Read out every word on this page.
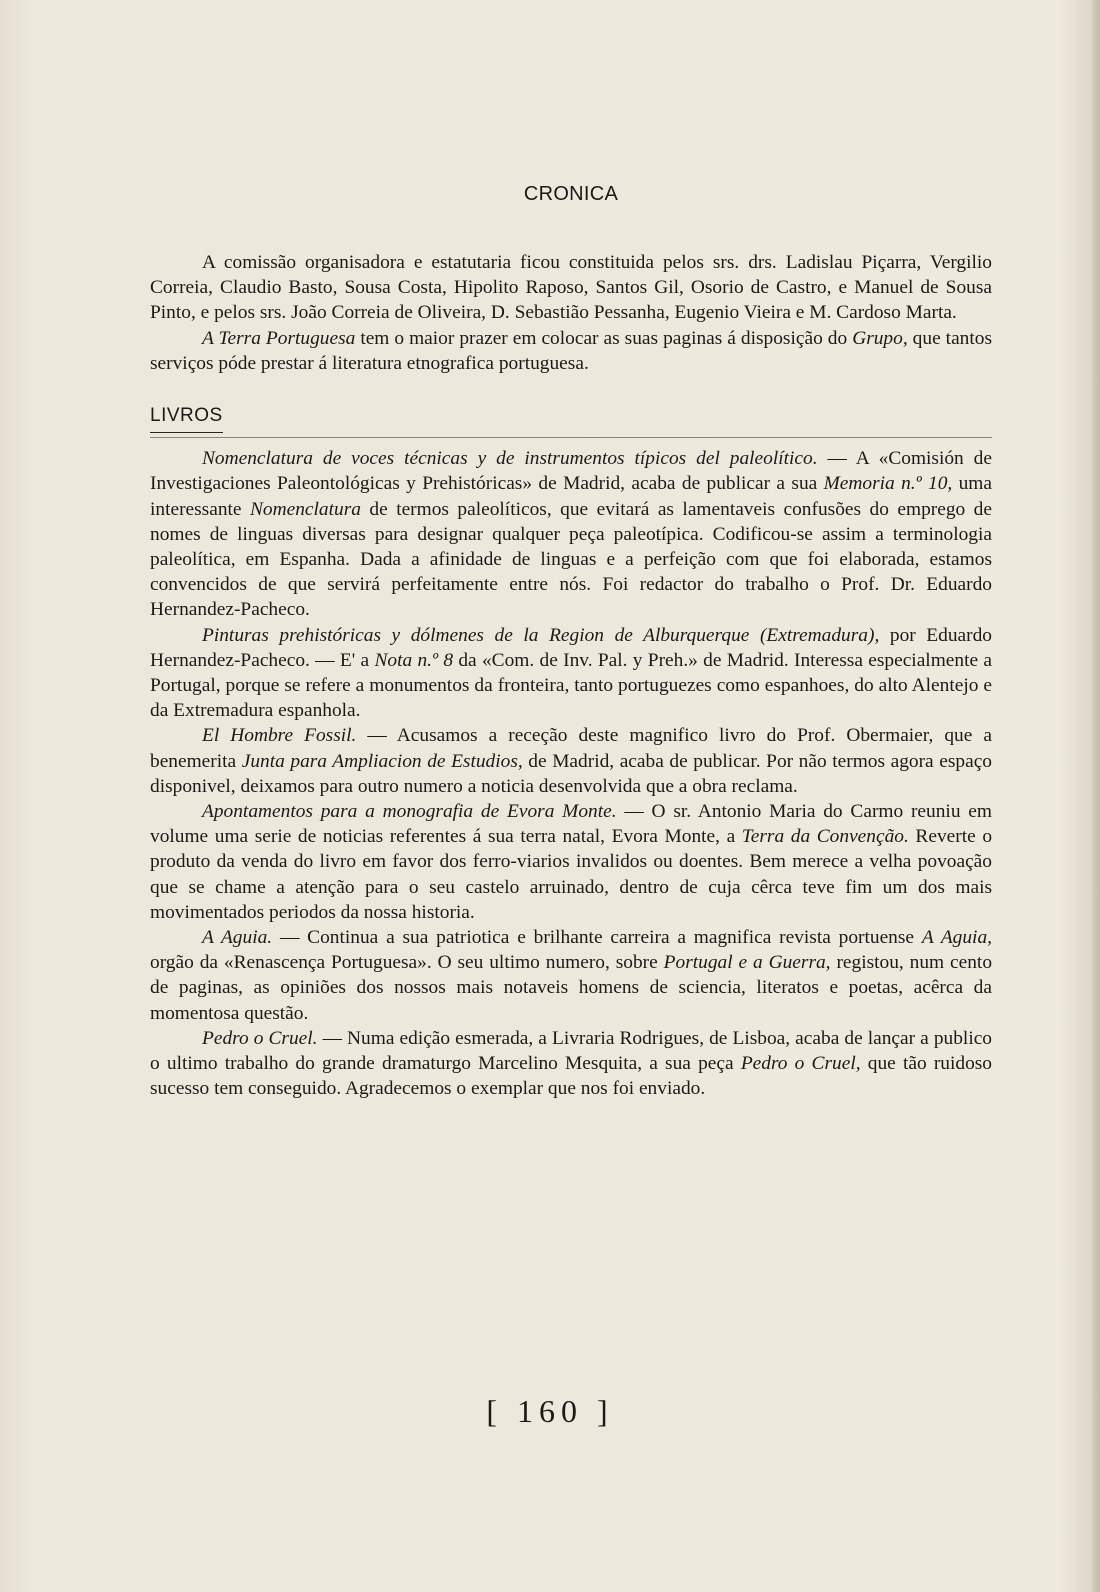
CRONICA

A comissão organisadora e estatutaria ficou constituida pelos srs. drs. Ladislau Piçarra, Vergilio Correia, Claudio Basto, Sousa Costa, Hipolito Raposo, Santos Gil, Osorio de Castro, e Manuel de Sousa Pinto, e pelos srs. João Correia de Oliveira, D. Sebastião Pessanha, Eugenio Vieira e M. Cardoso Marta.

A Terra Portuguesa tem o maior prazer em colocar as suas paginas á disposição do Grupo, que tantos serviços póde prestar á literatura etnografica portuguesa.

LIVROS

Nomenclatura de voces técnicas y de instrumentos típicos del paleolítico. — A «Comisión de Investigaciones Paleontológicas y Prehistóricas» de Madrid, acaba de publicar a sua Memoria n.º 10, uma interessante Nomenclatura de termos paleolíticos, que evitará as lamentaveis confusões do emprego de nomes de linguas diversas para designar qualquer peça paleotípica. Codificou-se assim a terminologia paleolítica, em Espanha. Dada a afinidade de linguas e a perfeição com que foi elaborada, estamos convencidos de que servirá perfeitamente entre nós. Foi redactor do trabalho o Prof. Dr. Eduardo Hernandez-Pacheco.

Pinturas prehistóricas y dólmenes de la Region de Alburquerque (Extremadura), por Eduardo Hernandez-Pacheco. — E' a Nota n.º 8 da «Com. de Inv. Pal. y Preh.» de Madrid. Interessa especialmente a Portugal, porque se refere a monumentos da fronteira, tanto portuguezes como espanhoes, do alto Alentejo e da Extremadura espanhola.

El Hombre Fossil. — Acusamos a receção deste magnifico livro do Prof. Obermaier, que a benemerita Junta para Ampliacion de Estudios, de Madrid, acaba de publicar. Por não termos agora espaço disponivel, deixamos para outro numero a noticia desenvolvida que a obra reclama.

Apontamentos para a monografia de Evora Monte. — O sr. Antonio Maria do Carmo reuniu em volume uma serie de noticias referentes á sua terra natal, Evora Monte, a Terra da Convenção. Reverte o produto da venda do livro em favor dos ferro-viarios invalidos ou doentes. Bem merece a velha povoação que se chame a atenção para o seu castelo arruinado, dentro de cuja cêrca teve fim um dos mais movimentados periodos da nossa historia.

A Aguia. — Continua a sua patriotica e brilhante carreira a magnifica revista portuense A Aguia, orgão da «Renascença Portuguesa». O seu ultimo numero, sobre Portugal e a Guerra, registou, num cento de paginas, as opiniões dos nossos mais notaveis homens de sciencia, literatos e poetas, acêrca da momentosa questão.

Pedro o Cruel. — Numa edição esmerada, a Livraria Rodrigues, de Lisboa, acaba de lançar a publico o ultimo trabalho do grande dramaturgo Marcelino Mesquita, a sua peça Pedro o Cruel, que tão ruidoso sucesso tem conseguido. Agradecemos o exemplar que nos foi enviado.

[ 160 ]
